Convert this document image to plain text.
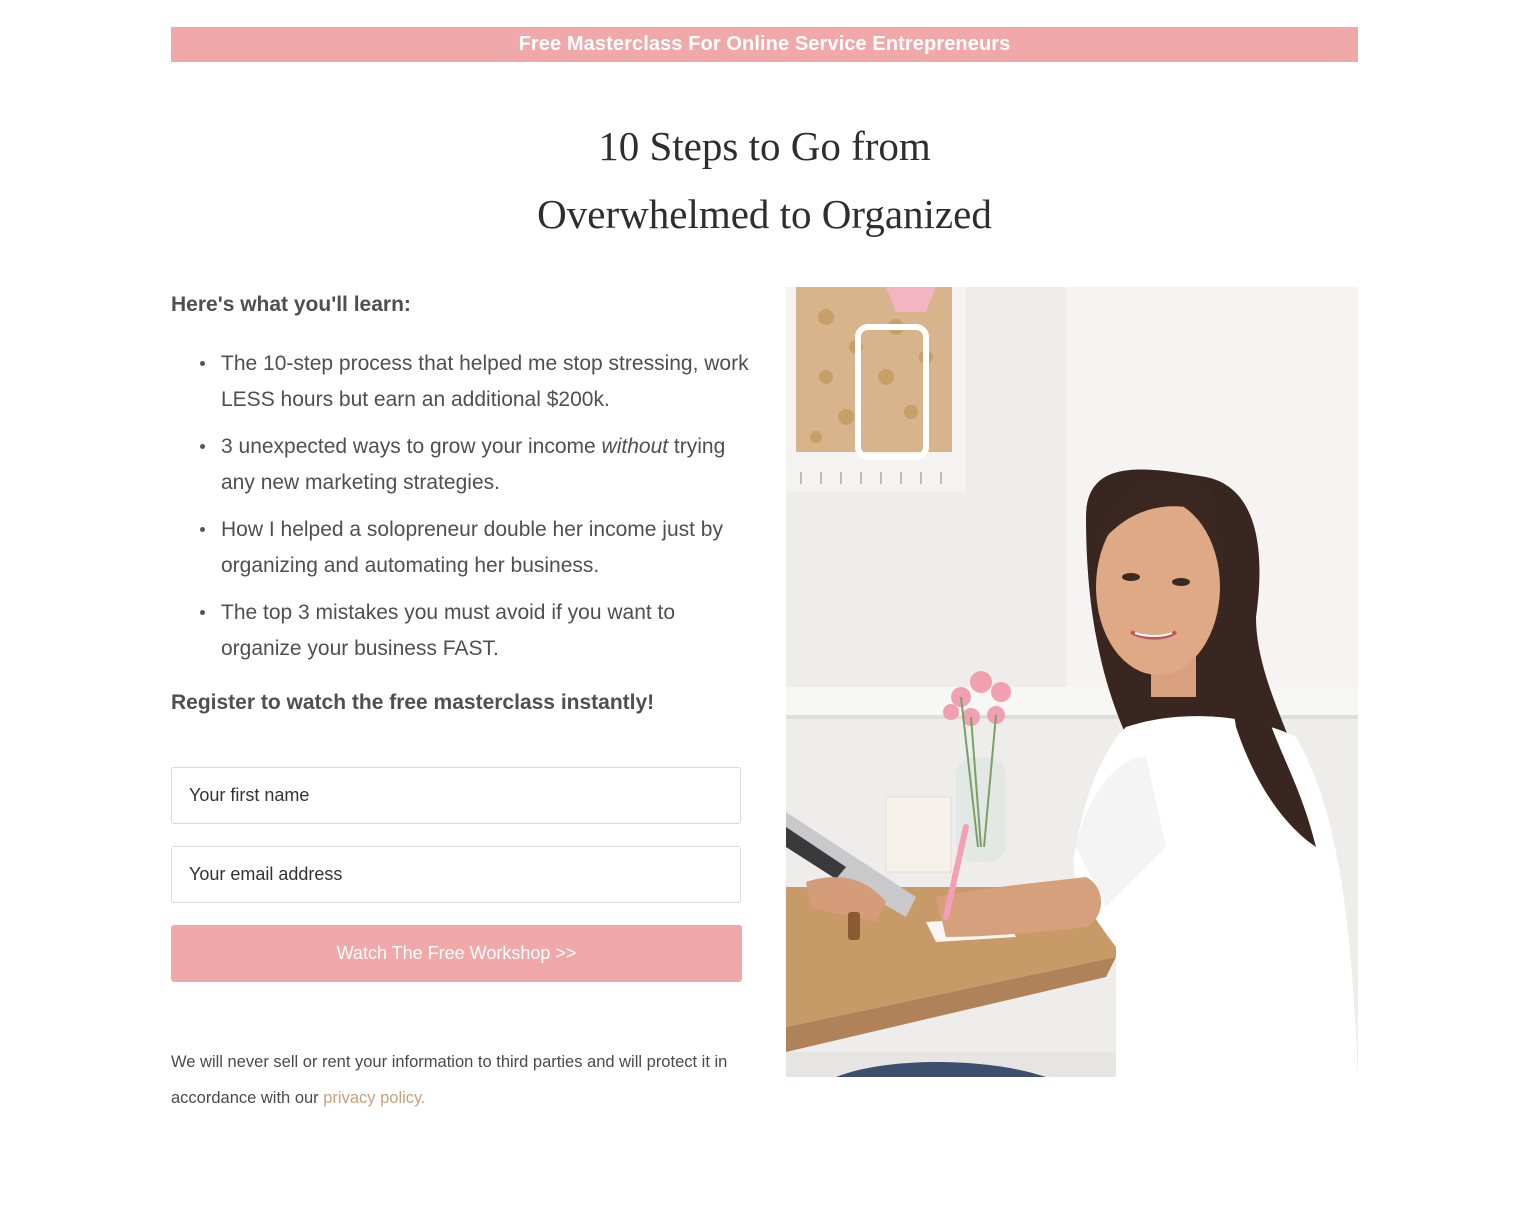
Free Masterclass For Online Service Entrepreneurs
10 Steps to Go from
Overwhelmed to Organized
Here's what you'll learn:
The 10-step process that helped me stop stressing, work LESS hours but earn an additional $200k.
3 unexpected ways to grow your income without trying any new marketing strategies.
How I helped a solopreneur double her income just by organizing and automating her business.
The top 3 mistakes you must avoid if you want to organize your business FAST.
Register to watch the free masterclass instantly!
Your first name
Your email address
Watch The Free Workshop >>
We will never sell or rent your information to third parties and will protect it in accordance with our privacy policy.
